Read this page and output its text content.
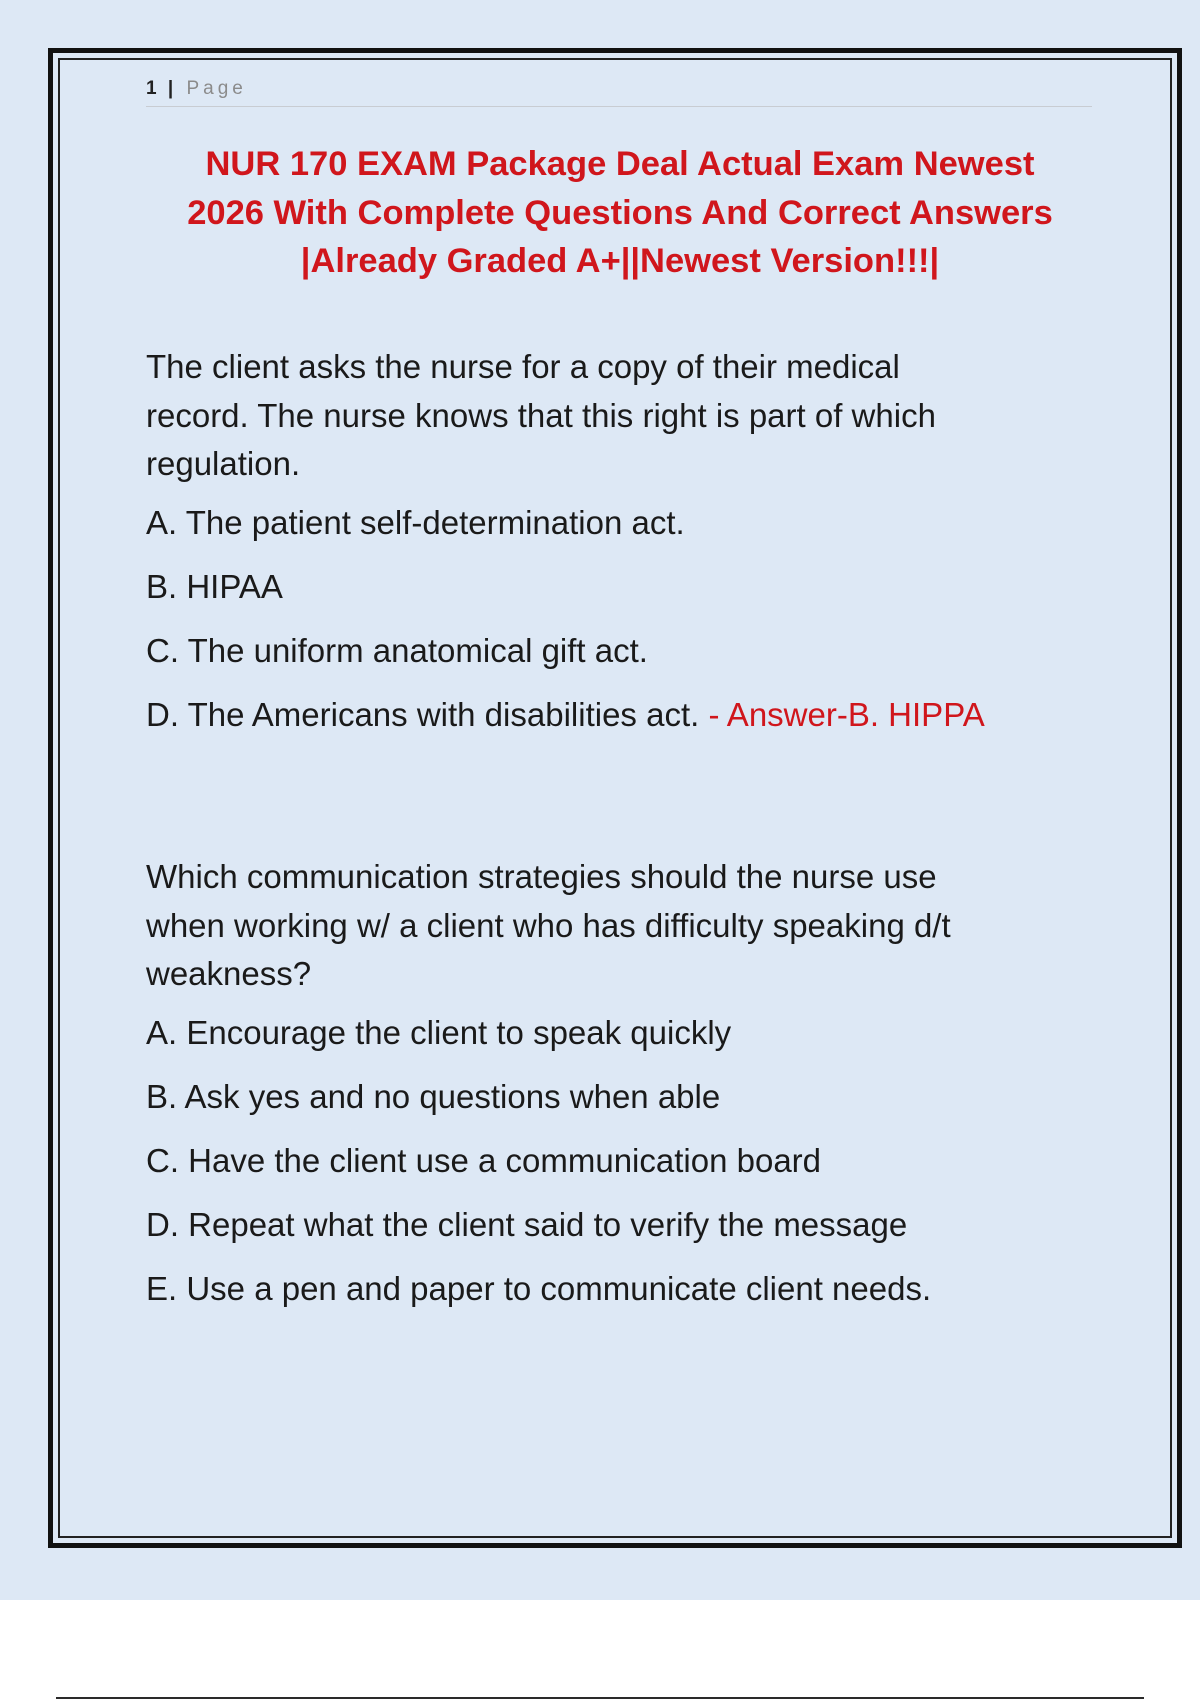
1 | Page
NUR 170 EXAM Package Deal Actual Exam Newest
2026 With Complete Questions And Correct Answers
|Already Graded A+||Newest Version!!!|

The client asks the nurse for a copy of their medical
record. The nurse knows that this right is part of which
regulation.

A. The patient self-determination act.
B. HIPAA
C. The uniform anatomical gift act.
D. The Americans with disabilities act. - Answer-B. HIPPA

Which communication strategies should the nurse use
when working w/ a client who has difficulty speaking d/t
weakness?

A. Encourage the client to speak quickly
B. Ask yes and no questions when able
C. Have the client use a communication board
D. Repeat what the client said to verify the message
E. Use a pen and paper to communicate client needs.
